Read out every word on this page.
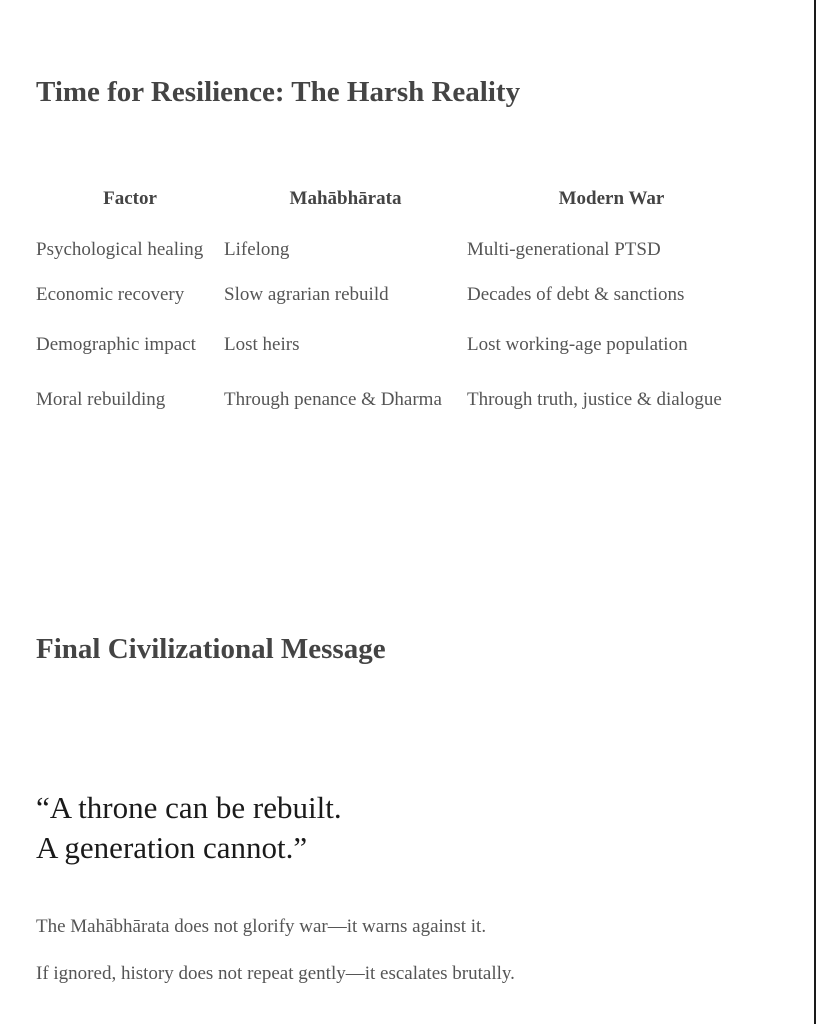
Time for Resilience: The Harsh Reality
Factor	Mahābhārata	Modern War

Psychological healing	Lifelong	Multi-generational PTSD

Economic recovery	Slow agrarian rebuild	Decades of debt & sanctions

Demographic impact	Lost heirs	Lost working-age population

Moral rebuilding	Through penance & Dharma	Through truth, justice & dialogue
Final Civilizational Message
“A throne can be rebuilt.
A generation cannot.”

The Mahābhārata does not glorify war—it warns against it.

If ignored, history does not repeat gently—it escalates brutally.
